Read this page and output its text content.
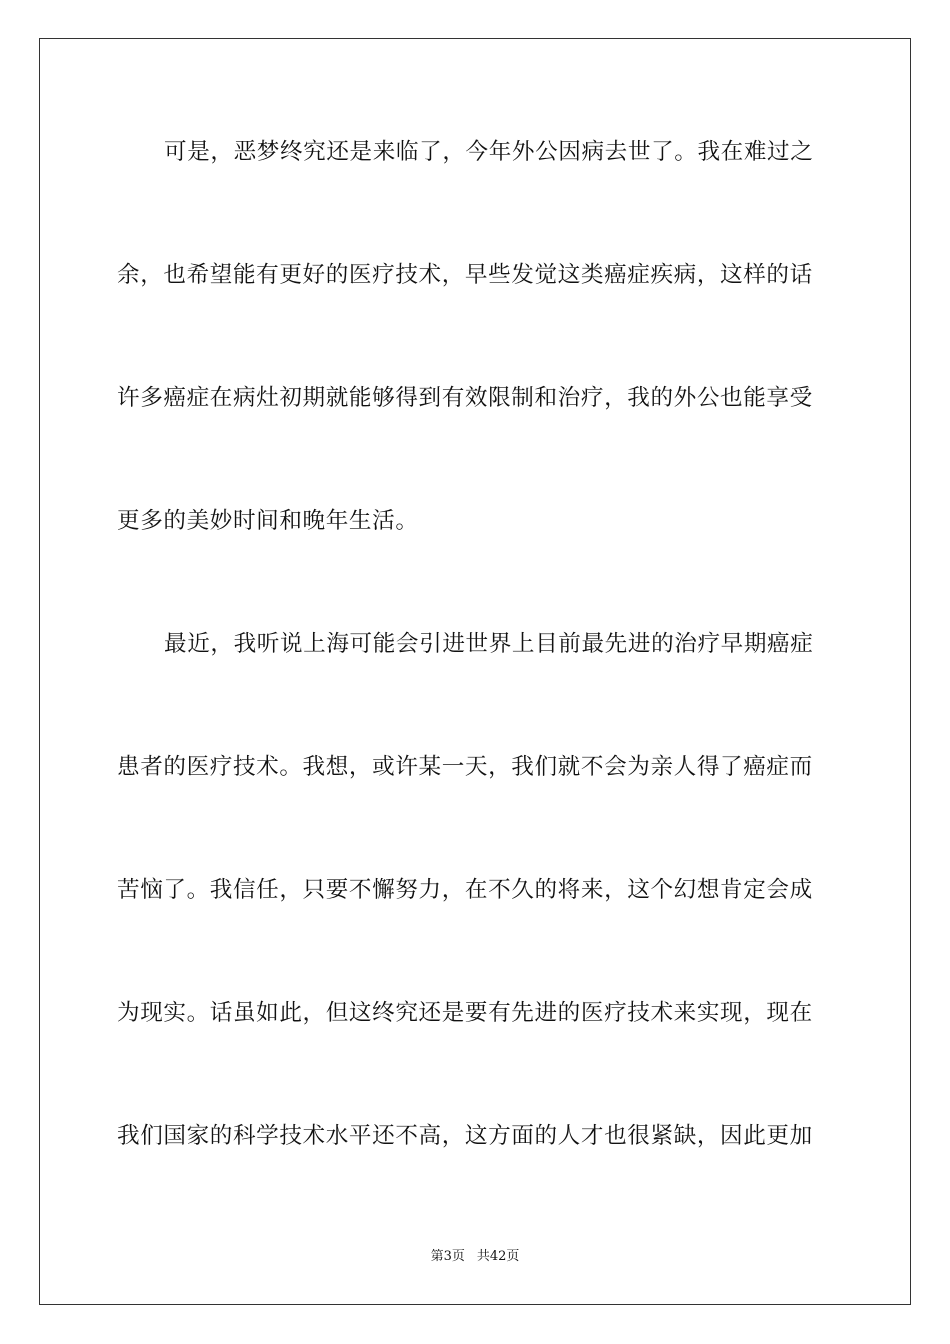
可是，恶梦终究还是来临了，今年外公因病去世了。我在难过之
余，也希望能有更好的医疗技术，早些发觉这类癌症疾病，这样的话
许多癌症在病灶初期就能够得到有效限制和治疗，我的外公也能享受
更多的美妙时间和晚年生活。
最近，我听说上海可能会引进世界上目前最先进的治疗早期癌症
患者的医疗技术。我想，或许某一天，我们就不会为亲人得了癌症而
苦恼了。我信任，只要不懈努力，在不久的将来，这个幻想肯定会成
为现实。话虽如此，但这终究还是要有先进的医疗技术来实现，现在
我们国家的科学技术水平还不高，这方面的人才也很紧缺，因此更加
第3页 共42页
